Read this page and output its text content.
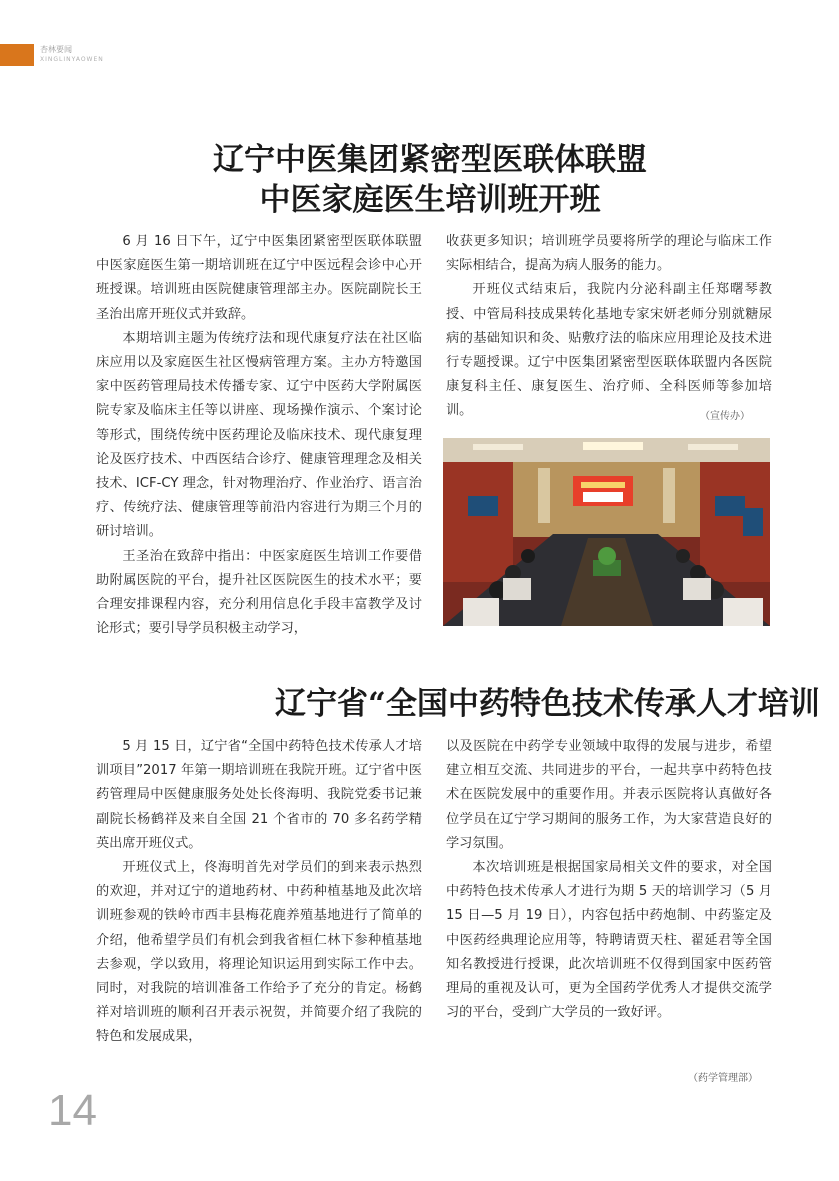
杏林要闻
XINGLINYAOWEN
辽宁中医集团紧密型医联体联盟
中医家庭医生培训班开班

6 月 16 日下午，辽宁中医集团紧密型医联体联盟中医家庭医生第一期培训班在辽宁中医远程会诊中心开班授课。培训班由医院健康管理部主办。医院副院长王圣治出席开班仪式并致辞。

本期培训主题为传统疗法和现代康复疗法在社区临床应用以及家庭医生社区慢病管理方案。主办方特邀国家中医药管理局技术传播专家、辽宁中医药大学附属医院专家及临床主任等以讲座、现场操作演示、个案讨论等形式，围绕传统中医药理论及临床技术、现代康复理论及医疗技术、中西医结合诊疗、健康管理理念及相关技术、ICF-CY 理念，针对物理治疗、作业治疗、语言治疗、传统疗法、健康管理等前沿内容进行为期三个月的研讨培训。

王圣治在致辞中指出：中医家庭医生培训工作要借助附属医院的平台，提升社区医院医生的技术水平；要合理安排课程内容，充分利用信息化手段丰富教学及讨论形式；要引导学员积极主动学习，

收获更多知识；培训班学员要将所学的理论与临床工作实际相结合，提高为病人服务的能力。

开班仪式结束后，我院内分泌科副主任郑曙琴教授、中管局科技成果转化基地专家宋妍老师分别就糖尿病的基础知识和灸、贴敷疗法的临床应用理论及技术进行专题授课。辽宁中医集团紧密型医联体联盟内各医院康复科主任、康复医生、治疗师、全科医师等参加培训。	（宣传办）
辽宁省“全国中药特色技术传承人才培训

5 月 15 日，辽宁省“全国中药特色技术传承人才培训项目”2017 年第一期培训班在我院开班。辽宁省中医药管理局中医健康服务处处长佟海明、我院党委书记兼副院长杨鹤祥及来自全国 21 个省市的 70 多名药学精英出席开班仪式。

开班仪式上，佟海明首先对学员们的到来表示热烈的欢迎，并对辽宁的道地药材、中药种植基地及此次培训班参观的铁岭市西丰县梅花鹿养殖基地进行了简单的介绍，他希望学员们有机会到我省桓仁林下参种植基地去参观，学以致用，将理论知识运用到实际工作中去。同时，对我院的培训准备工作给予了充分的肯定。杨鹤祥对培训班的顺利召开表示祝贺，并简要介绍了我院的特色和发展成果，

以及医院在中药学专业领域中取得的发展与进步，希望建立相互交流、共同进步的平台，一起共享中药特色技术在医院发展中的重要作用。并表示医院将认真做好各位学员在辽宁学习期间的服务工作，为大家营造良好的学习氛围。

本次培训班是根据国家局相关文件的要求，对全国中药特色技术传承人才进行为期 5 天的培训学习（5 月 15 日—5 月 19 日），内容包括中药炮制、中药鉴定及中医药经典理论应用等，特聘请贾天柱、翟延君等全国知名教授进行授课，此次培训班不仅得到国家中医药管理局的重视及认可，更为全国药学优秀人才提供交流学习的平台，受到广大学员的一致好评。

（药学管理部）
14
